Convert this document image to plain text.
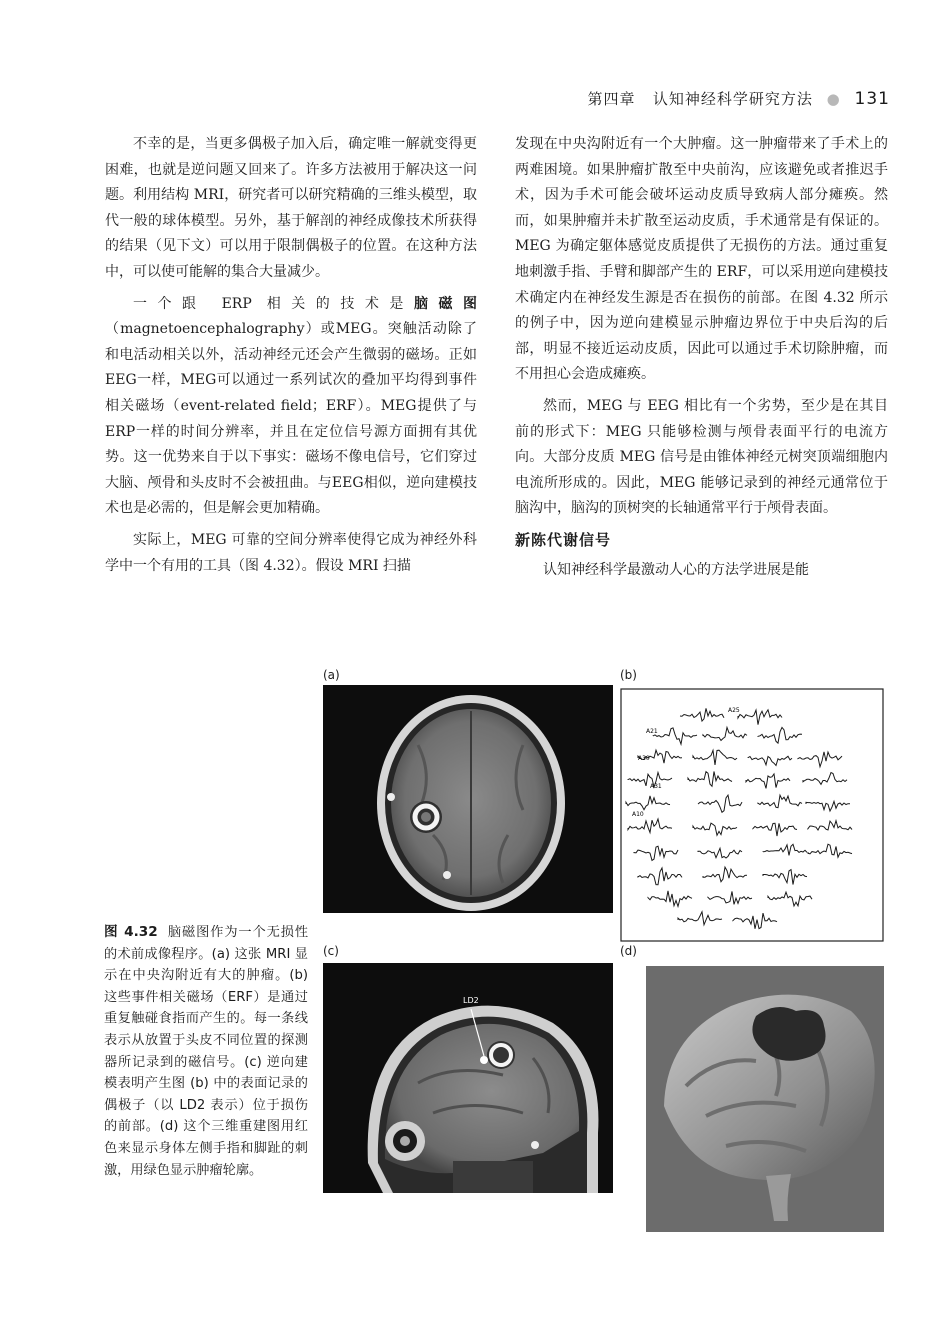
第四章 认知神经科学研究方法 ● 131

不幸的是，当更多偶极子加入后，确定唯一解就变得更困难，也就是逆问题又回来了。许多方法被用于解决这一问题。利用结构 MRI，研究者可以研究精确的三维头模型，取代一般的球体模型。另外，基于解剖的神经成像技术所获得的结果（见下文）可以用于限制偶极子的位置。在这种方法中，可以使可能解的集合大量减少。

一个跟 ERP 相关的技术是脑磁图（magnetoencephalography）或MEG。突触活动除了和电活动相关以外，活动神经元还会产生微弱的磁场。正如EEG一样，MEG可以通过一系列试次的叠加平均得到事件相关磁场（event-related field；ERF）。MEG提供了与ERP一样的时间分辨率，并且在定位信号源方面拥有其优势。这一优势来自于以下事实：磁场不像电信号，它们穿过大脑、颅骨和头皮时不会被扭曲。与EEG相似，逆向建模技术也是必需的，但是解会更加精确。

实际上，MEG 可靠的空间分辨率使得它成为神经外科学中一个有用的工具（图 4.32）。假设 MRI 扫描

发现在中央沟附近有一个大肿瘤。这一肿瘤带来了手术上的两难困境。如果肿瘤扩散至中央前沟，应该避免或者推迟手术，因为手术可能会破坏运动皮质导致病人部分瘫痪。然而，如果肿瘤并未扩散至运动皮质，手术通常是有保证的。MEG 为确定躯体感觉皮质提供了无损伤的方法。通过重复地刺激手指、手臂和脚部产生的 ERF，可以采用逆向建模技术确定内在神经发生源是否在损伤的前部。在图 4.32 所示的例子中，因为逆向建模显示肿瘤边界位于中央后沟的后部，明显不接近运动皮质，因此可以通过手术切除肿瘤，而不用担心会造成瘫痪。

然而，MEG 与 EEG 相比有一个劣势，至少是在其目前的形式下：MEG 只能够检测与颅骨表面平行的电流方向。大部分皮质 MEG 信号是由锥体神经元树突顶端细胞内电流所形成的。因此，MEG 能够记录到的神经元通常位于脑沟中，脑沟的顶树突的长轴通常平行于颅骨表面。

新陈代谢信号

认知神经科学最激动人心的方法学进展是能

图 4.32 脑磁图作为一个无损性的术前成像程序。(a) 这张 MRI 显示在中央沟附近有大的肿瘤。(b) 这些事件相关磁场（ERF）是通过重复触碰食指而产生的。每一条线表示从放置于头皮不同位置的探测器所记录到的磁信号。(c) 逆向建模表明产生图 (b) 中的表面记录的偶极子（以 LD2 表示）位于损伤的前部。(d) 这个三维重建图用红色来显示身体左侧手指和脚趾的刺激，用绿色显示肿瘤轮廓。
(a)	(b)
(c)	(d)
A25
A21
A30
A31
A10
LD2
